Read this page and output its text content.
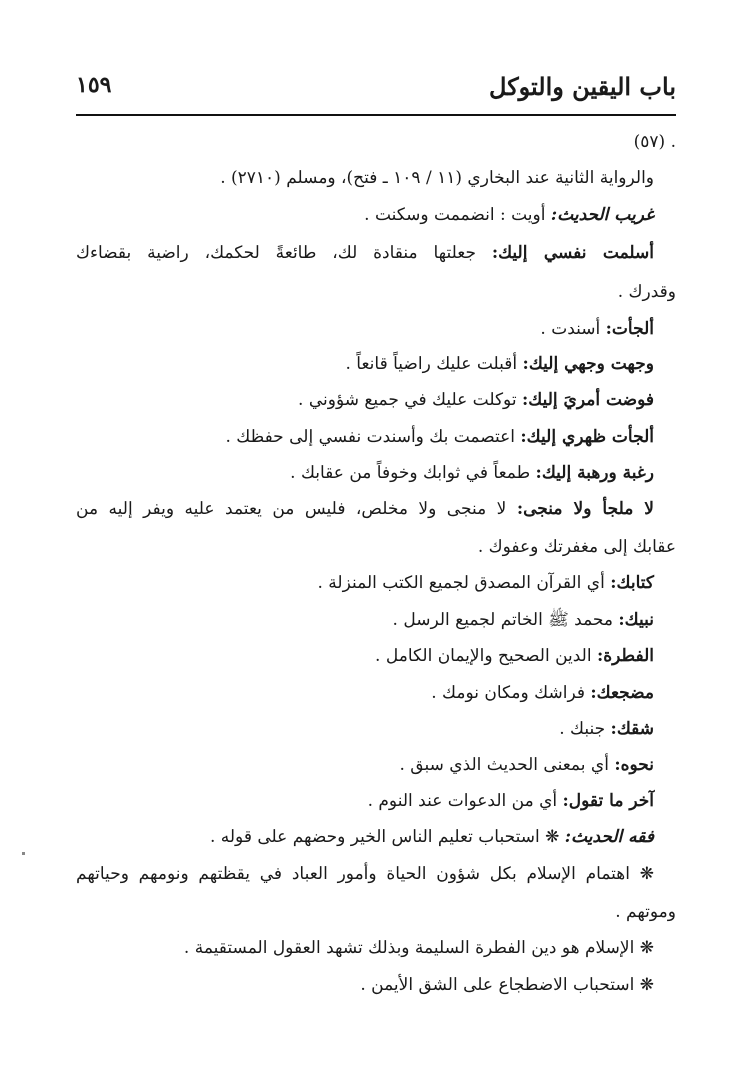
باب اليقين والتوكل
١٥٩
. (٥٧)
والرواية الثانية عند البخاري (١١ / ١٠٩ ـ فتح)، ومسلم (٢٧١٠) .
غريب الحديث: أويت : انضممت وسكنت .
أسلمت نفسي إليك: جعلتها منقادة لك، طائعةً لحكمك، راضية بقضاءك
وقدرك .
ألجأت: أسندت .
وجهت وجهي إليك: أقبلت عليك راضياً قانعاً .
فوضت أمريَ إليك: توكلت عليك في جميع شؤوني .
ألجأت ظهري إليك: اعتصمت بك وأسندت نفسي إلى حفظك .
رغبة ورهبة إليك: طمعاً في ثوابك وخوفاً من عقابك .
لا ملجأ ولا منجى: لا منجى ولا مخلص، فليس من يعتمد عليه ويفر إليه من
عقابك إلى مغفرتك وعفوك .
كتابك: أي القرآن المصدق لجميع الكتب المنزلة .
نبيك: محمد ﷺ الخاتم لجميع الرسل .
الفطرة: الدين الصحيح والإيمان الكامل .
مضجعك: فراشك ومكان نومك .
شقك: جنبك .
نحوه: أي بمعنى الحديث الذي سبق .
آخر ما تقول: أي من الدعوات عند النوم .
فقه الحديث: ❋ استحباب تعليم الناس الخير وحضهم على قوله .
❋ اهتمام الإسلام بكل شؤون الحياة وأمور العباد في يقظتهم ونومهم وحياتهم
وموتهم .
❋ الإسلام هو دين الفطرة السليمة وبذلك تشهد العقول المستقيمة .
❋ استحباب الاضطجاع على الشق الأيمن .
